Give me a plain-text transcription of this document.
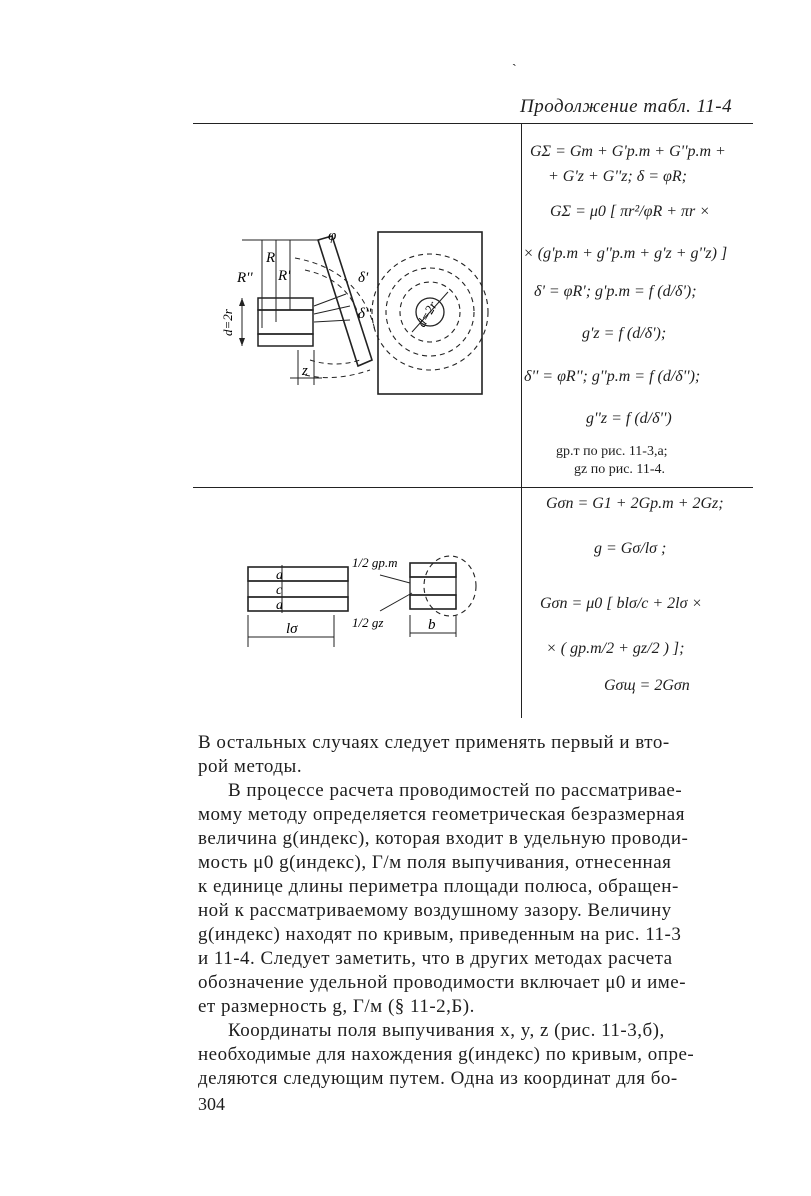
ˏ
Продолжение табл. 11-4
φ
R
R'
R''
d=2r	d=2r
δ'
δ''
z
GΣ = Gт + G'р.т + G''р.т +
+ G'z + G''z; δ = φR;
GΣ = μ0 [ πr²/φR + πr ×
× (g'р.т + g''р.т + g'z + g''z) ]
δ' = φR'; g'р.т = f (d/δ');
g'z = f (d/δ');
δ'' = φR''; g''р.т = f (d/δ'');
g''z = f (d/δ'')
gр.т по рис. 11-3,а;
gz по рис. 11-4.
a
c
a
lσ	b
1/2 gр.т
1/2 gz
Gσп = G1 + 2Gр.т + 2Gz;
g = Gσ/lσ ;
Gσп = μ0 [ blσ/c + 2lσ ×
× ( gр.т/2 + gz/2 ) ];
Gσщ = 2Gσп
В остальных случаях следует применять первый и вто-
рой методы.
В процессе расчета проводимостей по рассматривае-
мому методу определяется геометрическая безразмерная
величина g(индекс), которая входит в удельную проводи-
мость μ0 g(индекс), Г/м поля выпучивания, отнесенная
к единице длины периметра площади полюса, обращен-
ной к рассматриваемому воздушному зазору. Величину
g(индекс) находят по кривым, приведенным на рис. 11-3
и 11-4. Следует заметить, что в других методах расчета
обозначение удельной проводимости включает μ0 и име-
ет размерность g, Г/м (§ 11-2,Б).
Координаты поля выпучивания x, y, z (рис. 11-3,б),
необходимые для нахождения g(индекс) по кривым, опре-
деляются следующим путем. Одна из координат для бо-
304
